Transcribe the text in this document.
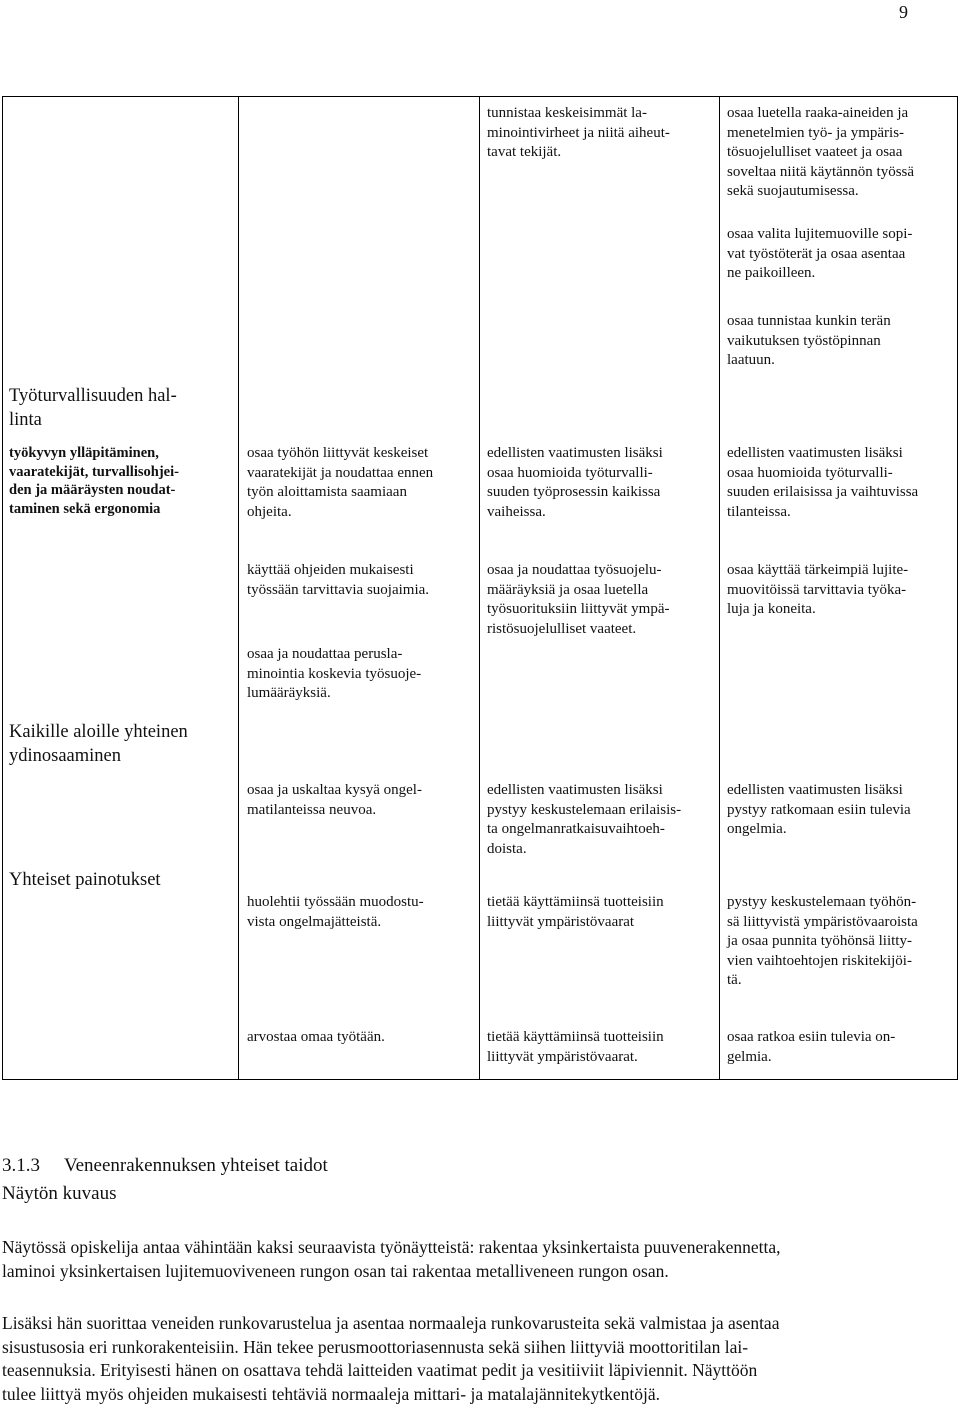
9
Työturvallisuuden hal-
linta
työkyvyn ylläpitäminen,
vaaratekijät, turvallisohjei-
den ja määräysten noudat-
taminen sekä ergonomia
Kaikille aloille yhteinen
ydinosaaminen
Yhteiset painotukset
osaa työhön liittyvät keskeiset
vaaratekijät ja noudattaa ennen
työn aloittamista saamiaan
ohjeita.
käyttää ohjeiden mukaisesti
työssään tarvittavia suojaimia.
osaa ja noudattaa perusla-
minointia koskevia työsuoje-
lumääräyksiä.
osaa ja uskaltaa kysyä ongel-
matilanteissa neuvoa.
huolehtii työssään muodostu-
vista ongelmajätteistä.
arvostaa omaa työtään.
tunnistaa keskeisimmät la-
minointivirheet ja niitä aiheut-
tavat tekijät.
edellisten vaatimusten lisäksi
osaa huomioida työturvalli-
suuden työprosessin kaikissa
vaiheissa.
osaa ja noudattaa työsuojelu-
määräyksiä ja osaa luetella
työsuorituksiin liittyvät ympä-
ristösuojelulliset vaateet.
edellisten vaatimusten lisäksi
pystyy keskustelemaan erilaisis-
ta ongelmanratkaisuvaihtoeh-
doista.
tietää käyttämiinsä tuotteisiin
liittyvät ympäristövaarat
tietää käyttämiinsä tuotteisiin
liittyvät ympäristövaarat.
osaa luetella raaka-aineiden ja
menetelmien työ- ja ympäris-
tösuojelulliset vaateet ja osaa
soveltaa niitä käytännön työssä
sekä suojautumisessa.
osaa valita lujitemuoville sopi-
vat työstöterät ja osaa asentaa
ne paikoilleen.
osaa tunnistaa kunkin terän
vaikutuksen työstöpinnan
laatuun.
edellisten vaatimusten lisäksi
osaa huomioida työturvalli-
suuden erilaisissa ja vaihtuvissa
tilanteissa.
osaa käyttää tärkeimpiä lujite-
muovitöissä tarvittavia työka-
luja ja koneita.
edellisten vaatimusten lisäksi
pystyy ratkomaan esiin tulevia
ongelmia.
pystyy keskustelemaan työhön-
sä liittyvistä ympäristövaaroista
ja osaa punnita työhönsä liitty-
vien vaihtoehtojen riskitekijöi-
tä.
osaa ratkoa esiin tulevia on-
gelmia.

3.1.3 Veneenrakennuksen yhteiset taidot

Näytön kuvaus
Näytössä opiskelija antaa vähintään kaksi seuraavista työnäytteistä: rakentaa yksinkertaista puuvenerakennetta,
laminoi yksinkertaisen lujitemuoviveneen rungon osan tai rakentaa metalliveneen rungon osan.
Lisäksi hän suorittaa veneiden runkovarustelua ja asentaa normaaleja runkovarusteita sekä valmistaa ja asentaa
sisustusosia eri runkorakenteisiin. Hän tekee perusmoottoriasennusta sekä siihen liittyviä moottoritilan lai-
teasennuksia. Erityisesti hänen on osattava tehdä laitteiden vaatimat pedit ja vesitiiviit läpiviennit. Näyttöön
tulee liittyä myös ohjeiden mukaisesti tehtäviä normaaleja mittari- ja matalajännitekytkentöjä.
